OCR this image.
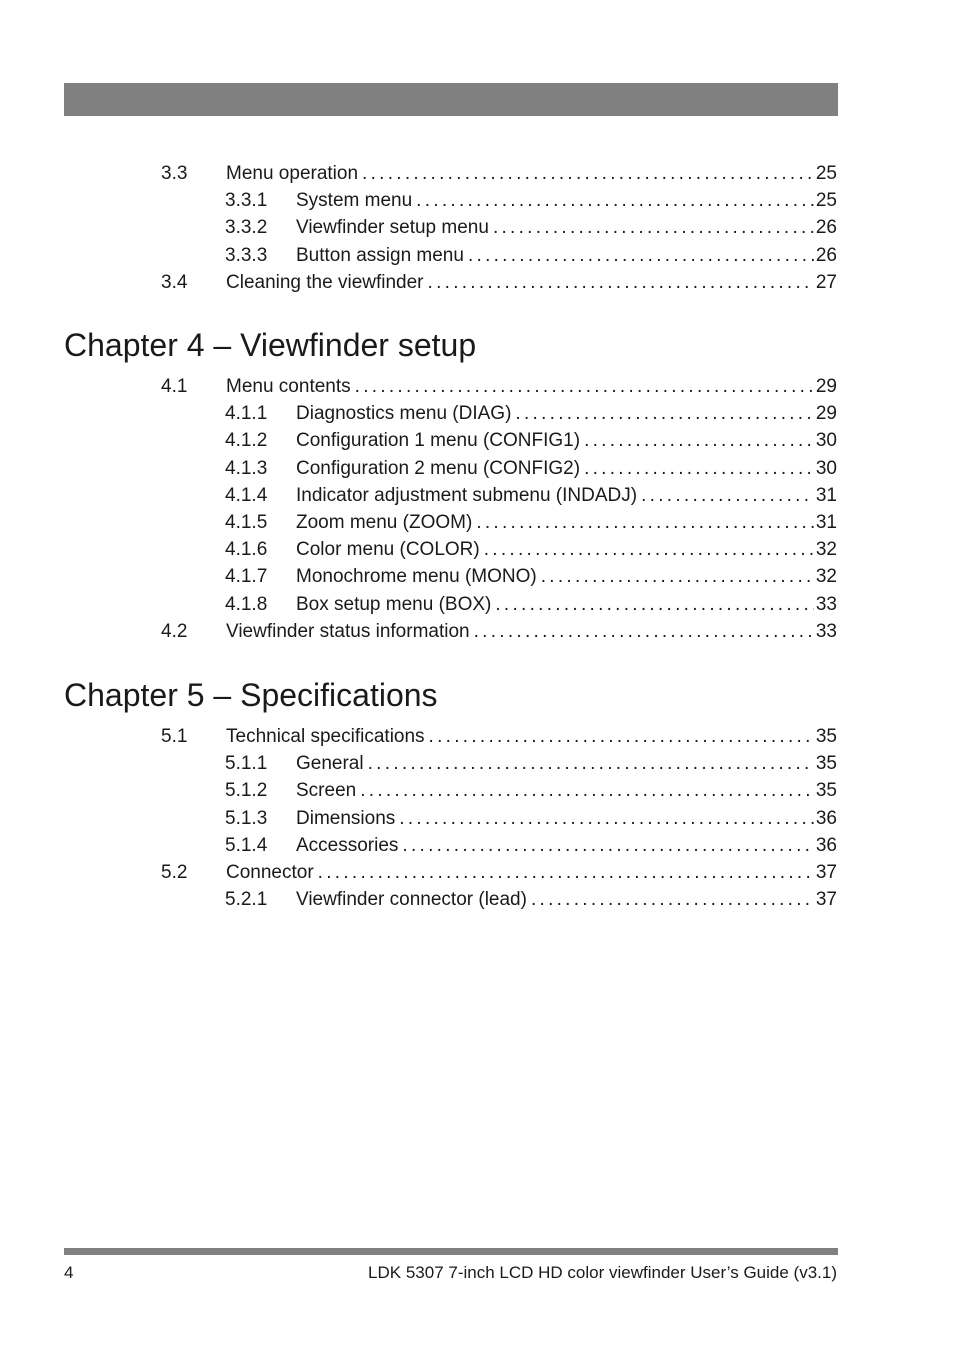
3.3 Menu operation . . .	25
3.3.1 System menu . . .	25
3.3.2 Viewfinder setup menu . . .	26
3.3.3 Button assign menu . . .	26
3.4 Cleaning the viewfinder . . .	27
Chapter 4 – Viewfinder setup
4.1 Menu contents . . .	29
4.1.1 Diagnostics menu (DIAG) . . .	29
4.1.2 Configuration 1 menu (CONFIG1) . . .	30
4.1.3 Configuration 2 menu (CONFIG2) . . .	30
4.1.4 Indicator adjustment submenu (INDADJ) . . .	31
4.1.5 Zoom menu (ZOOM) . . .	31
4.1.6 Color menu (COLOR) . . .	32
4.1.7 Monochrome menu (MONO) . . .	32
4.1.8 Box setup menu (BOX) . . .	33
4.2 Viewfinder status information . . .	33
Chapter 5 – Specifications
5.1 Technical specifications . . .	35
5.1.1 General . . .	35
5.1.2 Screen . . .	35
5.1.3 Dimensions . . .	36
5.1.4 Accessories . . .	36
5.2 Connector . . .	37
5.2.1 Viewfinder connector (lead) . . .	37
4	LDK 5307 7-inch LCD HD color viewfinder User’s Guide (v3.1)
